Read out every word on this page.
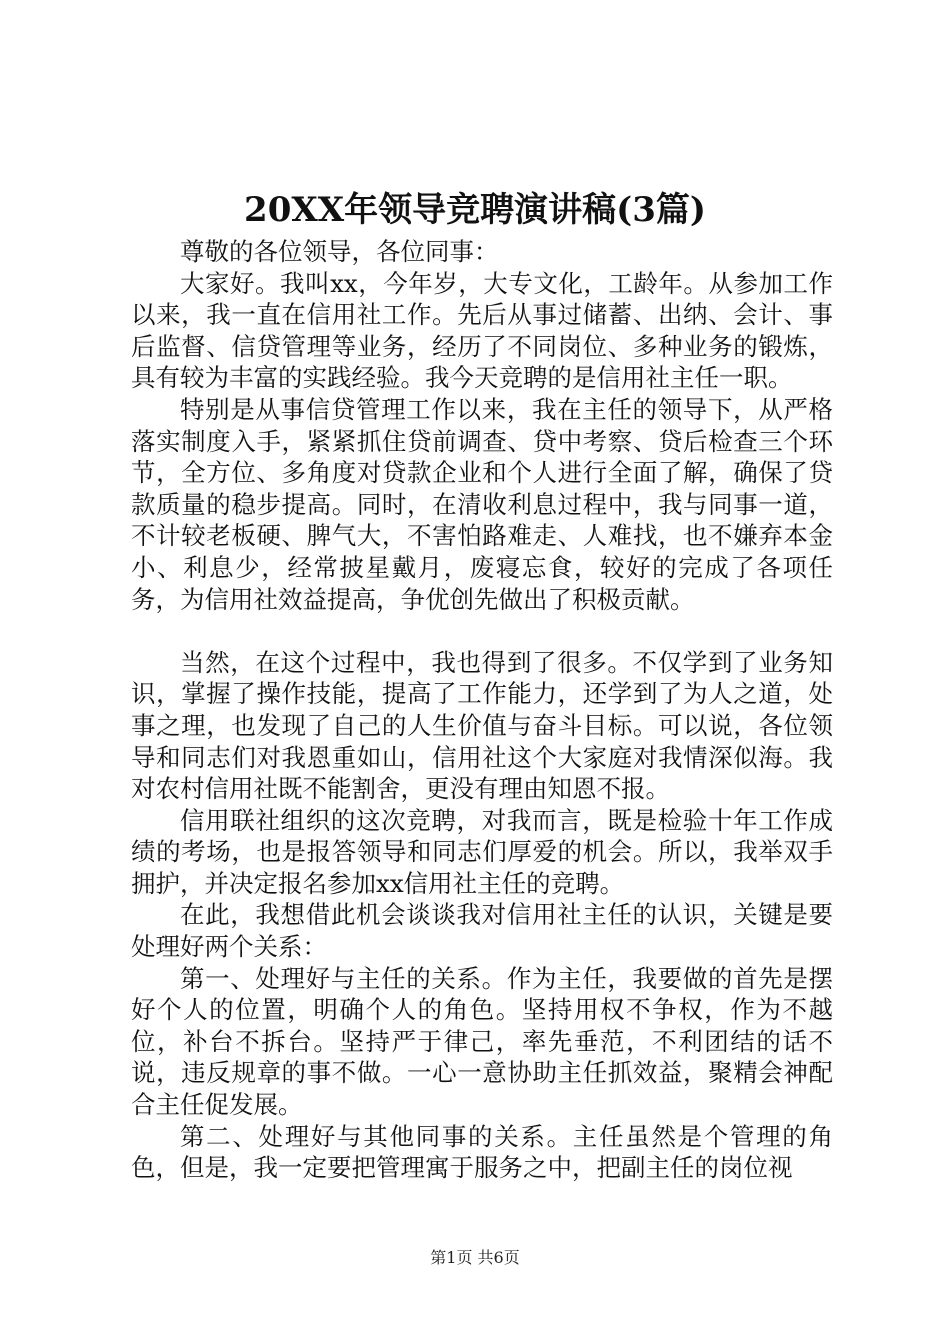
20XX年领导竞聘演讲稿(3篇)

尊敬的各位领导，各位同事：

大家好。我叫xx，今年岁，大专文化，工龄年。从参加工作以来，我一直在信用社工作。先后从事过储蓄、出纳、会计、事后监督、信贷管理等业务，经历了不同岗位、多种业务的锻炼，具有较为丰富的实践经验。我今天竞聘的是信用社主任一职。

特别是从事信贷管理工作以来，我在主任的领导下，从严格落实制度入手，紧紧抓住贷前调查、贷中考察、贷后检查三个环节，全方位、多角度对贷款企业和个人进行全面了解，确保了贷款质量的稳步提高。同时，在清收利息过程中，我与同事一道，不计较老板硬、脾气大，不害怕路难走、人难找，也不嫌弃本金小、利息少，经常披星戴月，废寝忘食，较好的完成了各项任务，为信用社效益提高，争优创先做出了积极贡献。

当然，在这个过程中，我也得到了很多。不仅学到了业务知识，掌握了操作技能，提高了工作能力，还学到了为人之道，处事之理，也发现了自己的人生价值与奋斗目标。可以说，各位领导和同志们对我恩重如山，信用社这个大家庭对我情深似海。我对农村信用社既不能割舍，更没有理由知恩不报。

信用联社组织的这次竞聘，对我而言，既是检验十年工作成绩的考场，也是报答领导和同志们厚爱的机会。所以，我举双手拥护，并决定报名参加xx信用社主任的竞聘。

在此，我想借此机会谈谈我对信用社主任的认识，关键是要处理好两个关系：

第一、处理好与主任的关系。作为主任，我要做的首先是摆好个人的位置，明确个人的角色。坚持用权不争权，作为不越位，补台不拆台。坚持严于律己，率先垂范，不利团结的话不说，违反规章的事不做。一心一意协助主任抓效益，聚精会神配合主任促发展。

第二、处理好与其他同事的关系。主任虽然是个管理的角色，但是，我一定要把管理寓于服务之中，把副主任的岗位视

第1页 共6页
